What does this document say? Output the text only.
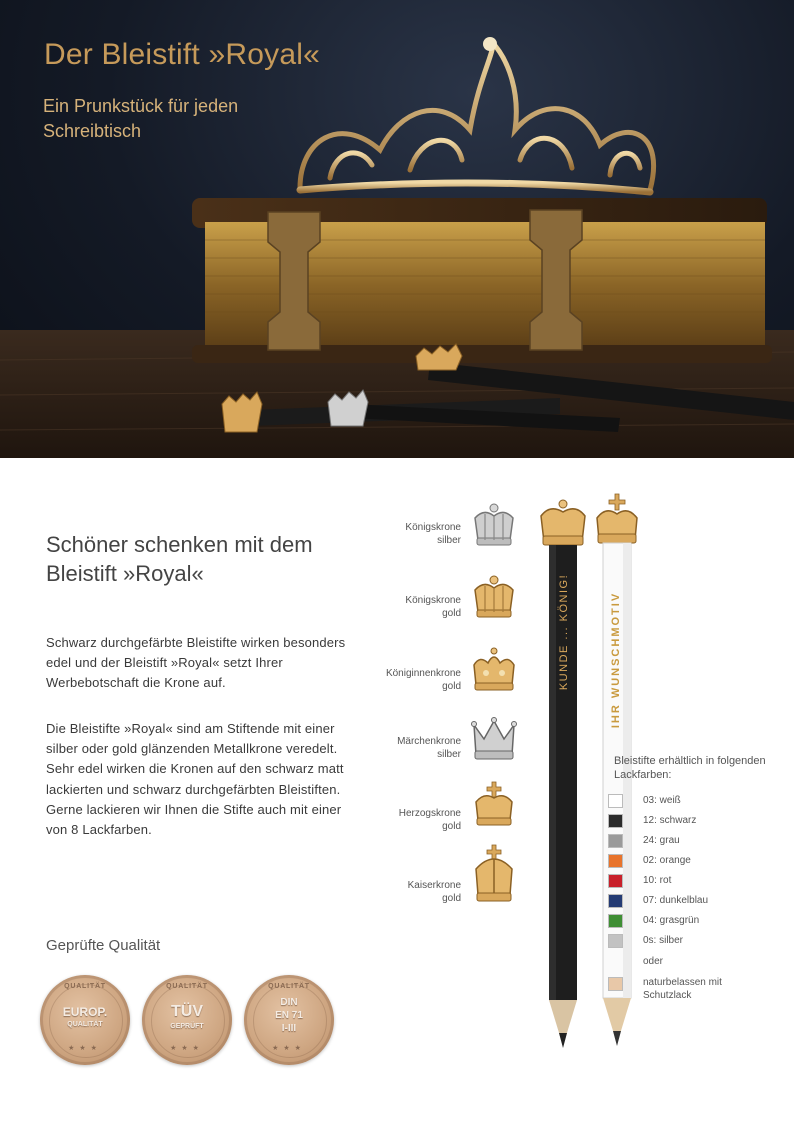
Der Bleistift »Royal«

Ein Prunkstück für jeden Schreibtisch

Schöner schenken mit dem Bleistift »Royal«

Schwarz durchgefärbte Bleistifte wirken besonders edel und der Bleistift »Royal« setzt Ihrer Werbebotschaft die Krone auf.

Die Bleistifte »Royal« sind am Stiftende mit einer silber oder gold glänzenden Metallkrone veredelt. Sehr edel wirken die Kronen auf den schwarz matt lackierten und schwarz durchgefärbten Bleistiften. Gerne lackieren wir Ihnen die Stifte auch mit einer von 8 Lackfarben.

Geprüfte Qualität

QUALITÄT
EUROP.
QUALITÄT
★★★
QUALITÄT
TÜV
GEPRÜFT
★★★
QUALITÄT
DIN
EN 71
I-III
★★★

Königskrone
silber

Königskrone
gold

Königinnenkrone
gold

Märchenkrone
silber

Herzogskrone
gold

Kaiserkrone
gold

KUNDE ... KÖNIG!	IHR WUNSCHMOTIV

Bleistifte erhältlich in folgenden Lackfarben:

03: weiß

12: schwarz

24: grau

02: orange

10: rot

07: dunkelblau

04: grasgrün

0s: silber

oder

naturbelassen mit Schutzlack
